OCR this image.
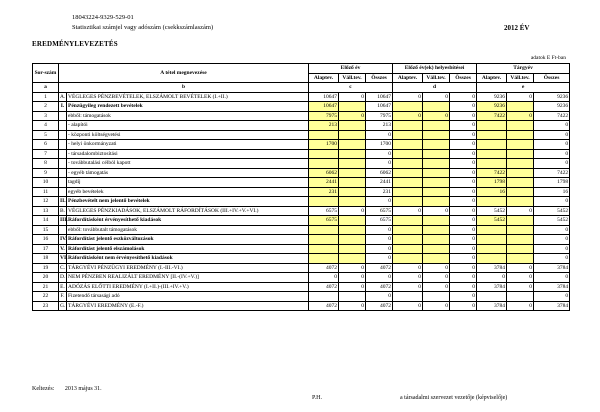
18043224-9329-529-01
Statisztikai számjel vagy adószám (csekkszámlaszám)	2012 ÉV
EREDMÉNYLEVEZETÉS
adatok E Ft-ban
Sor-szám	A tétel megnevezése		Előző év			Előző év(ek) helyesbítései			Tárgyév		
			Alaptev.	Váll.tev.	Összes	Alaptev.	Váll.tev.	Összes	Alaptev.	Váll.tev.	Összes
a	b		c			d			e		
1	A.	VÉGLEGES PÉNZBEVÉTELEK, ELSZÁMOLT BEVÉTELEK (I.+II.)	10647	0	10647	0	0	0	9236	0	9236
2	I.	Pénzügyileg rendezett bevételek	10647		10647			0	9236		9236
3		ebből: támogatások	7975	0	7975	0	0	0	7422	0	7422
4		- alapítói	213		213			0			0
5		- központi költségvetési			0			0			0
6		- helyi önkormányzati	1700		1700			0			0
7		- társadalombiztosítási			0			0			0
8		- továbbutalási célból kapott			0			0			0
9		- egyéb támogatás	6062		6062			0	7422		7422
10		tagdíj	2441		2441			0	1798		1798
11		egyéb bevételek	231		231			0	16		16
12	II.	Pénzbevételt nem jelentő bevételek			0			0			0
13	B.	VÉGLEGES PÉNZKIADÁSOK, ELSZÁMOLT RÁFORDÍTÁSOK (III.+IV.+V.+VI.)	6575	0	6575	0	0	0	5452	0	5452
14	III.	Ráfordításként érvényesíthető kiadások	6575		6575			0	5452		5452
15		ebből: továbbutalt támogatások			0			0			0
16	IV.	Ráfordítást jelentő eszközváltozások			0			0			0
17	V.	Ráfordítást jelentő elszámolások			0			0			0
18	VI.	Ráfordításként nem érvényesíthető kiadások			0			0			0
19	C.	TÁRGYÉVI PÉNZÜGYI EREDMÉNY (I.-III.-VI.)	4072	0	4072	0	0	0	3784	0	3784
20	D.	NEM PÉNZBEN REALIZÁLT EREDMÉNY [II.-(IV.+V.)]	0	0	0	0	0	0	0	0	0
21	E.	ADÓZÁS ELŐTTI EREDMÉNY (I.+II.)-(III.+IV.+V.)	4072	0	4072	0	0	0	3784	0	3784
22	F.	Fizetendő társasági adó			0			0			0
23	G.	TÁRGYÉVI EREDMÉNY (E.-F.)	4072	0	4072	0	0	0	3784	0	3784
Keltezés: 2013 május 31.
P.H.	a társadalmi szervezet vezetője (képviselője)
